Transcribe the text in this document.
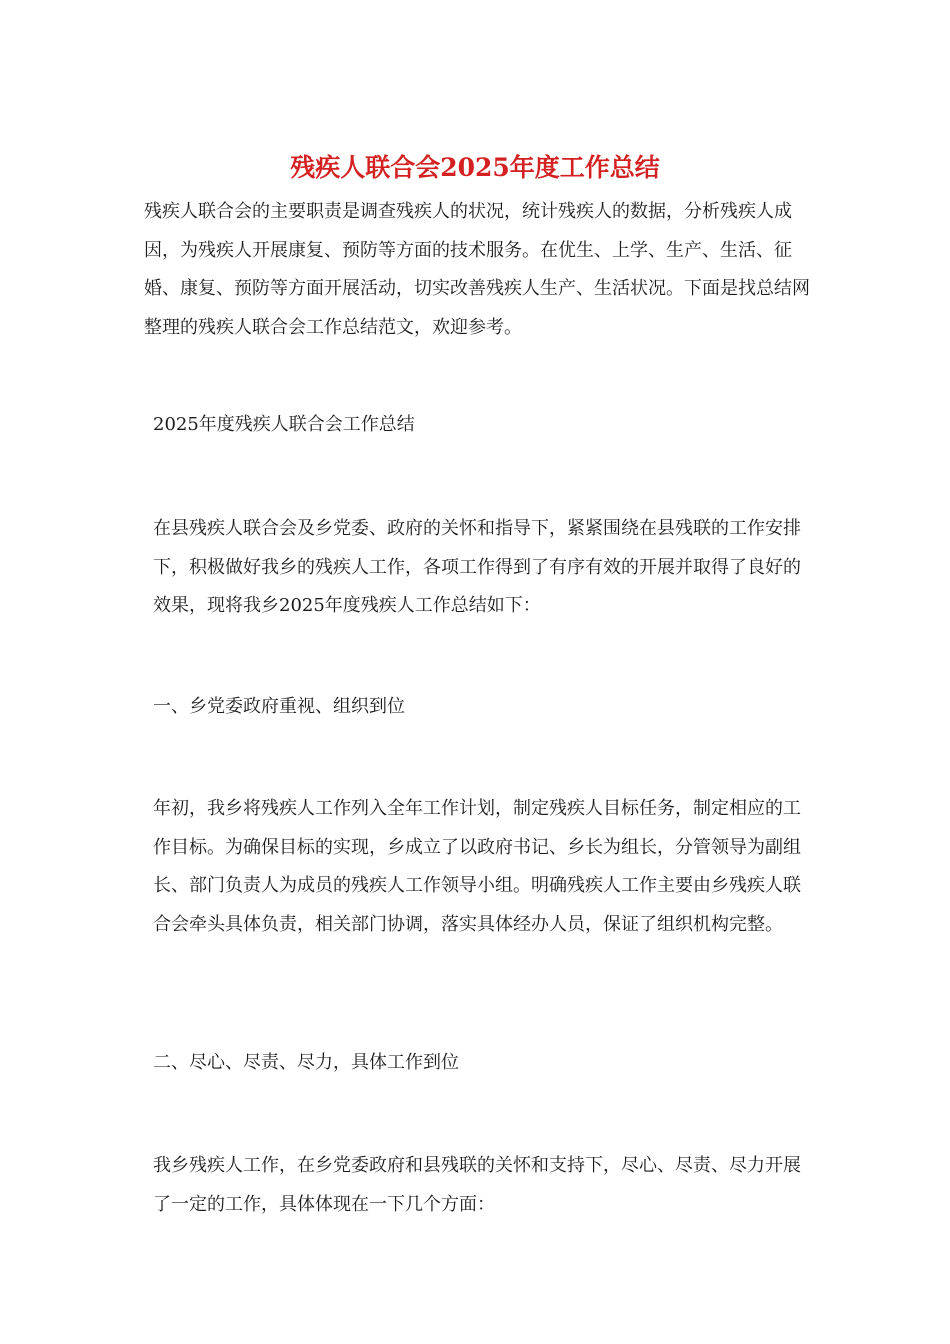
残疾人联合会2025年度工作总结

残疾人联合会的主要职责是调查残疾人的状况，统计残疾人的数据，分析残疾人成因，为残疾人开展康复、预防等方面的技术服务。在优生、上学、生产、生活、征婚、康复、预防等方面开展活动，切实改善残疾人生产、生活状况。下面是找总结网整理的残疾人联合会工作总结范文，欢迎参考。

2025年度残疾人联合会工作总结

在县残疾人联合会及乡党委、政府的关怀和指导下，紧紧围绕在县残联的工作安排下，积极做好我乡的残疾人工作，各项工作得到了有序有效的开展并取得了良好的效果，现将我乡2025年度残疾人工作总结如下：

一、乡党委政府重视、组织到位

年初，我乡将残疾人工作列入全年工作计划，制定残疾人目标任务，制定相应的工作目标。为确保目标的实现，乡成立了以政府书记、乡长为组长，分管领导为副组长、部门负责人为成员的残疾人工作领导小组。明确残疾人工作主要由乡残疾人联合会牵头具体负责，相关部门协调，落实具体经办人员，保证了组织机构完整。

二、尽心、尽责、尽力，具体工作到位

我乡残疾人工作，在乡党委政府和县残联的关怀和支持下，尽心、尽责、尽力开展了一定的工作，具体体现在一下几个方面：
